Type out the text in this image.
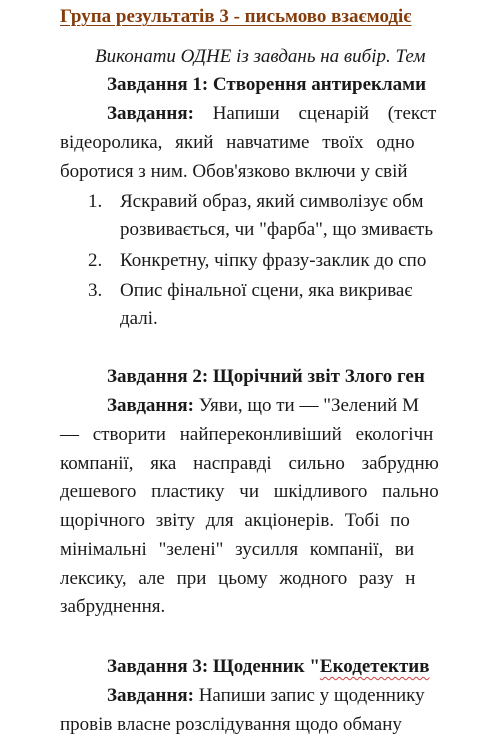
Група результатів 3 - письмово взаємодіє
Виконати ОДНЕ із завдань на вибір. Тем
Завдання 1: Створення антиреклами
Завдання: Напиши сценарій (текст
відеоролика, який навчатиме твоїх одно
боротися з ним. Обов'язково включи у свій
1. Яскравий образ, який символізує обм
розвивається, чи "фарба", що змиваєть
2. Конкретну, чіпку фразу-заклик до спо
3. Опис фінальної сцени, яка викриває
далі.
Завдання 2: Щорічний звіт Злого ген
Завдання: Уяви, що ти — "Зелений М
— створити найпереконливіший екологічн
компанії, яка насправді сильно забрудню
дешевого пластику чи шкідливого пально
щорічного звіту для акціонерів. Тобі по
мінімальні "зелені" зусилля компанії, ви
лексику, але при цьому жодного разу н
забруднення.
Завдання 3: Щоденник "Екодетектив
Завдання: Напиши запис у щоденнику
провів власне розслідування щодо обману
